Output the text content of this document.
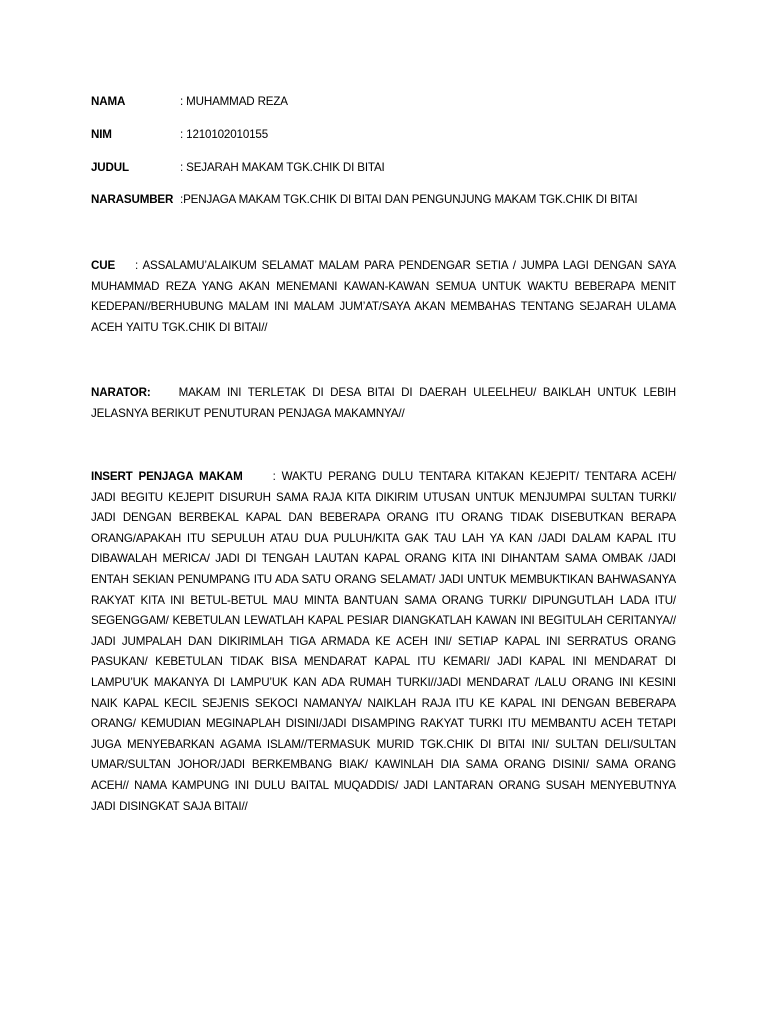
NAMA	: MUHAMMAD REZA
NIM	: 1210102010155
JUDUL	: SEJARAH MAKAM TGK.CHIK DI BITAI
NARASUMBER :PENJAGA MAKAM TGK.CHIK DI BITAI DAN PENGUNJUNG MAKAM TGK.CHIK DI BITAI
CUE : ASSALAMU’ALAIKUM SELAMAT MALAM PARA PENDENGAR SETIA / JUMPA LAGI DENGAN SAYA MUHAMMAD REZA YANG AKAN MENEMANI KAWAN-KAWAN SEMUA UNTUK WAKTU BEBERAPA MENIT KEDEPAN//BERHUBUNG MALAM INI MALAM JUM’AT/SAYA AKAN MEMBAHAS TENTANG SEJARAH ULAMA ACEH YAITU TGK.CHIK DI BITAI//
NARATOR: MAKAM INI TERLETAK DI DESA BITAI DI DAERAH ULEELHEU/ BAIKLAH UNTUK LEBIH JELASNYA BERIKUT PENUTURAN PENJAGA MAKAMNYA//
INSERT PENJAGA MAKAM	: WAKTU PERANG DULU TENTARA KITAKAN KEJEPIT/ TENTARA ACEH/ JADI BEGITU KEJEPIT DISURUH SAMA RAJA KITA DIKIRIM UTUSAN UNTUK MENJUMPAI SULTAN TURKI/ JADI DENGAN BERBEKAL KAPAL DAN BEBERAPA ORANG ITU ORANG TIDAK DISEBUTKAN BERAPA ORANG/APAKAH ITU SEPULUH ATAU DUA PULUH/KITA GAK TAU LAH YA KAN /JADI DALAM KAPAL ITU DIBAWALAH MERICA/ JADI DI TENGAH LAUTAN KAPAL ORANG KITA INI DIHANTAM SAMA OMBAK /JADI ENTAH SEKIAN PENUMPANG ITU ADA SATU ORANG SELAMAT/ JADI UNTUK MEMBUKTIKAN BAHWASANYA RAKYAT KITA INI BETUL-BETUL MAU MINTA BANTUAN SAMA ORANG TURKI/ DIPUNGUTLAH LADA ITU/ SEGENGGAM/ KEBETULAN LEWATLAH KAPAL PESIAR DIANGKATLAH KAWAN INI BEGITULAH CERITANYA// JADI JUMPALAH DAN DIKIRIMLAH TIGA ARMADA KE ACEH INI/ SETIAP KAPAL INI SERRATUS ORANG PASUKAN/ KEBETULAN TIDAK BISA MENDARAT KAPAL ITU KEMARI/ JADI KAPAL INI MENDARAT DI LAMPU’UK MAKANYA DI LAMPU’UK KAN ADA RUMAH TURKI//JADI MENDARAT /LALU ORANG INI KESINI NAIK KAPAL KECIL SEJENIS SEKOCI NAMANYA/ NAIKLAH RAJA ITU KE KAPAL INI DENGAN BEBERAPA ORANG/ KEMUDIAN MEGINAPLAH DISINI/JADI DISAMPING RAKYAT TURKI ITU MEMBANTU ACEH TETAPI JUGA MENYEBARKAN AGAMA ISLAM//TERMASUK MURID TGK.CHIK DI BITAI INI/ SULTAN DELI/SULTAN UMAR/SULTAN JOHOR/JADI BERKEMBANG BIAK/ KAWINLAH DIA SAMA ORANG DISINI/ SAMA ORANG ACEH// NAMA KAMPUNG INI DULU BAITAL MUQADDIS/ JADI LANTARAN ORANG SUSAH MENYEBUTNYA JADI DISINGKAT SAJA BITAI//
